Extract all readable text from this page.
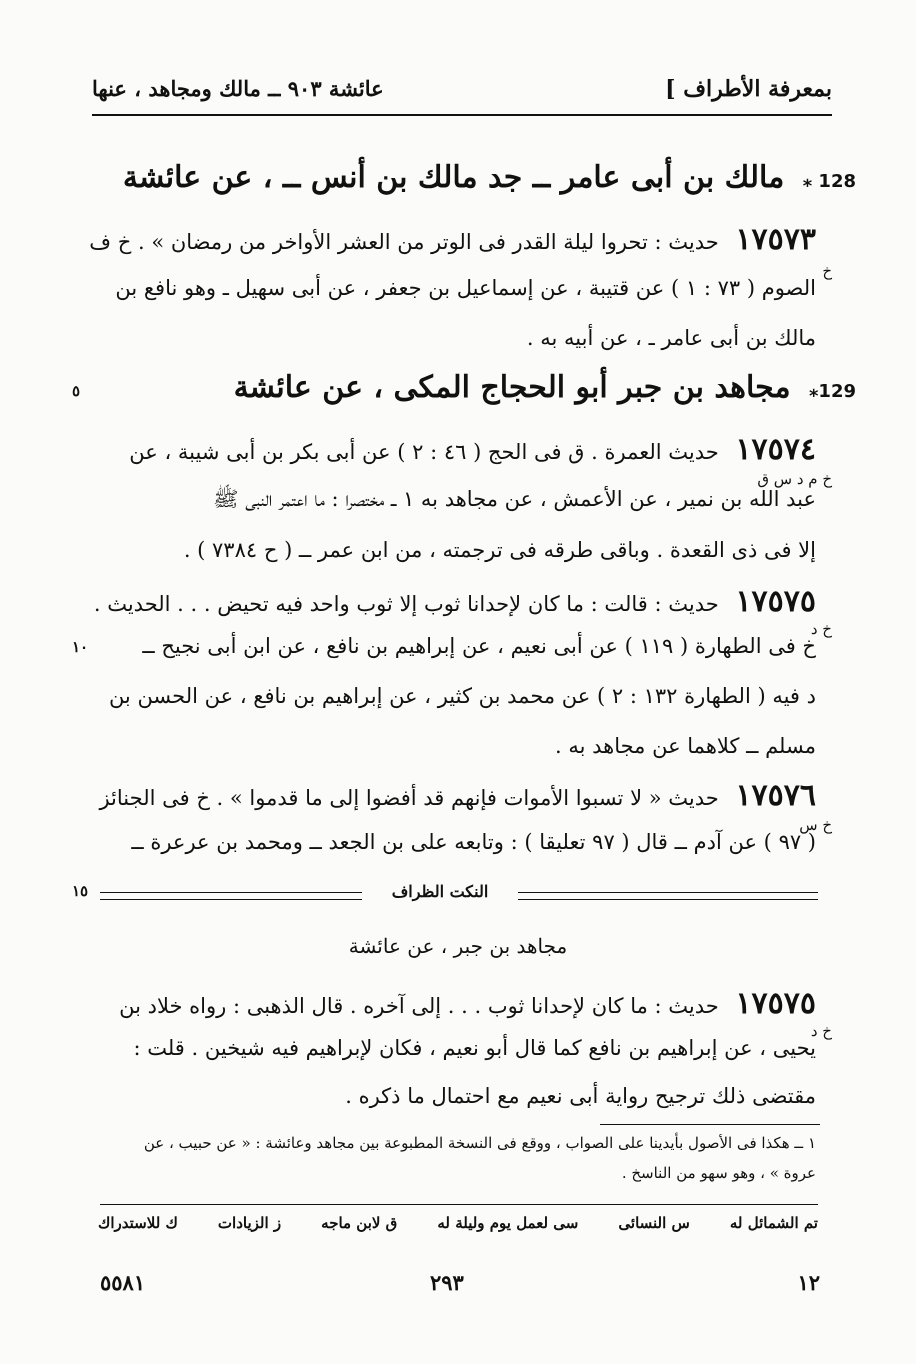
عائشة ٩٠٣ ــ مالك ومجاهد ، عنها	بمعرفة الأطراف ]
128 ⁎ مالك بن أبى عامر ــ جد مالك بن أنس ــ ، عن عائشة
١٧٥٧٣ حديث : تحروا ليلة القدر فى الوتر من العشر الأواخر من رمضان » . خ ف
خ
الصوم ( ٧٣ : ١ ) عن قتيبة ، عن إسماعيل بن جعفر ، عن أبى سهيل ـ وهو نافع بن
مالك بن أبى عامر ـ ، عن أبيه به .
129⁎ مجاهد بن جبر أبو الحجاج المكى ، عن عائشة
٥
١٧٥٧٤ حديث العمرة . ق فى الحج ( ٤٦ : ٢ ) عن أبى بكر بن أبى شيبة ، عن
خ م د س ق
عبد الله بن نمير ، عن الأعمش ، عن مجاهد به ١ ــ مختصرا : ما اعتمر النبى ﷺ
إلا فى ذى القعدة . وباقى طرقه فى ترجمته ، من ابن عمر ــ ( ح ٧٣٨٤ ) .
١٧٥٧٥ حديث : قالت : ما كان لإحدانا ثوب إلا ثوب واحد فيه تحيض . . . الحديث .
خ د
خ فى الطهارة ( ١١٩ ) عن أبى نعيم ، عن إبراهيم بن نافع ، عن ابن أبى نجيح ــ
١٠
د فيه ( الطهارة ١٣٢ : ٢ ) عن محمد بن كثير ، عن إبراهيم بن نافع ، عن الحسن بن
مسلم ــ كلاهما عن مجاهد به .
١٧٥٧٦ حديث « لا تسبوا الأموات فإنهم قد أفضوا إلى ما قدموا » . خ فى الجنائز
خ س
( ٩٧ ) عن آدم ــ قال ( ٩٧ تعليقا ) : وتابعه على بن الجعد ــ ومحمد بن عرعرة ــ
النكت الظراف
١٥
مجاهد بن جبر ، عن عائشة
١٧٥٧٥ حديث : ما كان لإحدانا ثوب . . . إلى آخره . قال الذهبى : رواه خلاد بن
خ د
يحيى ، عن إبراهيم بن نافع كما قال أبو نعيم ، فكان لإبراهيم فيه شيخين . قلت :
مقتضى ذلك ترجيح رواية أبى نعيم مع احتمال ما ذكره .
١ ــ هكذا فى الأصول بأيدينا على الصواب ، ووقع فى النسخة المطبوعة بين مجاهد وعائشة : « عن حبيب ، عن
عروة » ، وهو سهو من الناسخ .
تم الشمائل له
س النسائى
سى لعمل يوم وليلة له
ق لابن ماجه
ز الزيادات
ك للاستدراك
٥٥٨١	٢٩٣	١٢
